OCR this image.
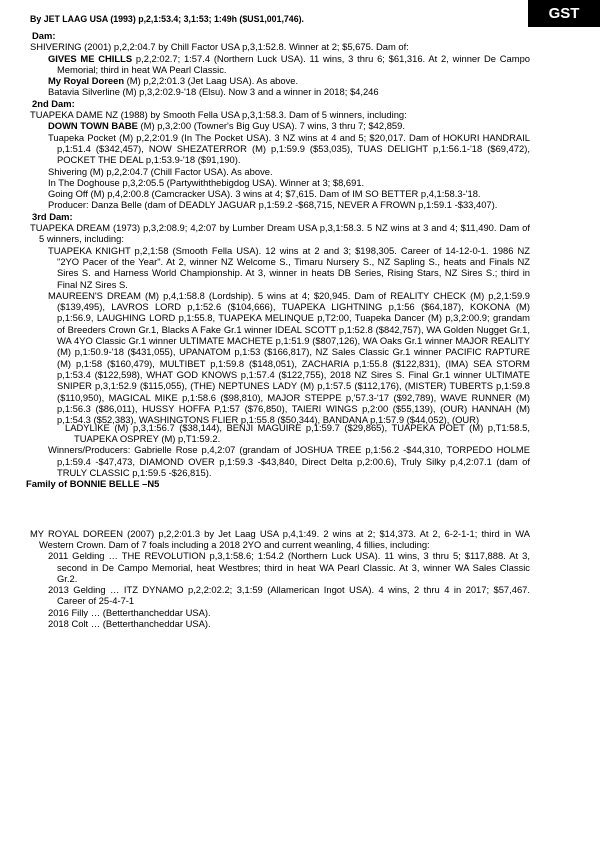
GST
By JET LAAG USA (1993) p,2,1:53.4; 3,1:53; 1:49h ($US1,001,746).
Dam:
SHIVERING (2001) p,2,2:04.7 by Chill Factor USA p,3,1:52.8. Winner at 2; $5,675. Dam of:
GIVES ME CHILLS p,2,2:02.7; 1:57.4 (Northern Luck USA). 11 wins, 3 thru 6; $61,316. At 2, winner De Campo Memorial; third in heat WA Pearl Classic.
My Royal Doreen (M) p,2,2:01.3 (Jet Laag USA). As above.
Batavia Silverline (M) p,3,2:02.9-'18 (Elsu). Now 3 and a winner in 2018; $4,246
2nd Dam:
TUAPEKA DAME NZ (1988) by Smooth Fella USA p,3,1:58.3. Dam of 5 winners, including:
DOWN TOWN BABE (M) p,3,2:00 (Towner's Big Guy USA). 7 wins, 3 thru 7; $42,859.
Tuapeka Pocket (M) p,2,2:01.9 (In The Pocket USA). 3 NZ wins at 4 and 5; $20,017. Dam of HOKURI HANDRAIL p,1:51.4 ($342,457), NOW SHEZATERROR (M) p,1:59.9 ($53,035), TUAS DELIGHT p,1:56.1-'18 ($69,472), POCKET THE DEAL p,1:53.9-'18 ($91,190).
Shivering (M) p,2,2:04.7 (Chill Factor USA). As above.
In The Doghouse p,3,2:05.5 (Partywiththebigdog USA). Winner at 3; $8,691.
Going Off (M) p,4,2:00.8 (Camcracker USA). 3 wins at 4; $7,615. Dam of IM SO BETTER p,4,1:58.3-'18.
Producer: Danza Belle (dam of DEADLY JAGUAR p,1:59.2 -$68,715, NEVER A FROWN p,1:59.1 -$33,407).
3rd Dam:
TUAPEKA DREAM (1973) p,3,2:08.9; 4,2:07 by Lumber Dream USA p,3,1:58.3. 5 NZ wins at 3 and 4; $11,490. Dam of 5 winners, including:
TUAPEKA KNIGHT p,2,1:58 (Smooth Fella USA). 12 wins at 2 and 3; $198,305. Career of 14-12-0-1. 1986 NZ "2YO Pacer of the Year". At 2, winner NZ Welcome S., Timaru Nursery S., NZ Sapling S., heats and Finals NZ Sires S. and Harness World Championship. At 3, winner in heats DB Series, Rising Stars, NZ Sires S.; third in Final NZ Sires S.
MAUREEN'S DREAM (M) p,4,1:58.8 (Lordship). 5 wins at 4; $20,945. Dam of REALITY CHECK (M) p,2,1:59.9 ($139,495), LAVROS LORD p,1:52.6 ($104,666), TUAPEKA LIGHTNING p,1:56 ($64,187), KOKONA (M) p,1:56.9, LAUGHING LORD p,1:55.8, TUAPEKA MELINQUE p,T2:00, Tuapeka Dancer (M) p,3,2:00.9; grandam of Breeders Crown Gr.1, Blacks A Fake Gr.1 winner IDEAL SCOTT p,1:52.8 ($842,757), WA Golden Nugget Gr.1, WA 4YO Classic Gr.1 winner ULTIMATE MACHETE p,1:51.9 ($807,126), WA Oaks Gr.1 winner MAJOR REALITY (M) p,1:50.9-'18 ($431,055), UPANATOM p,1:53 ($166,817), NZ Sales Classic Gr.1 winner PACIFIC RAPTURE (M) p,1:58 ($160,479), MULTIBET p,1:59.8 ($148,051), ZACHARIA p,1:55.8 ($122,831), (IMA) SEA STORM p,1:53.4 ($122,598), WHAT GOD KNOWS p,1:57.4 ($122,755), 2018 NZ Sires S. Final Gr.1 winner ULTIMATE SNIPER p,3,1:52.9 ($115,055), (THE) NEPTUNES LADY (M) p,1:57.5 ($112,176), (MISTER) TUBERTS p,1:59.8 ($110,950), MAGICAL MIKE p,1:58.6 ($98,810), MAJOR STEPPE p,'57.3-'17 ($92,789), WAVE RUNNER (M) p,1:56.3 ($86,011), HUSSY HOFFA P,1:57 ($76,850), TAIERI WINGS p,2:00 ($55,139), (OUR) HANNAH (M) p,1:54.3 ($52,383), WASHINGTONS FLIER p,1:55.8 ($50,344), BANDANA p,1:57.9 ($44,052), (OUR)
LADYLIKE (M) p,3,1:56.7 ($38,144), BENJI MAGUIRE p,1:59.7 ($29,865), TUAPEKA POET (M) p,T1:58.5, TUAPEKA OSPREY (M) p,T1:59.2.
Winners/Producers: Gabrielle Rose p,4,2:07 (grandam of JOSHUA TREE p,1:56.2 -$44,310, TORPEDO HOLME p,1:59.4 -$47,473, DIAMOND OVER p,1:59.3 -$43,840, Direct Delta p,2:00.6), Truly Silky p,4,2:07.1 (dam of TRULY CLASSIC p,1:59.5 -$26,815).
Family of BONNIE BELLE –N5
MY ROYAL DOREEN (2007) p,2,2:01.3 by Jet Laag USA p,4,1:49. 2 wins at 2; $14,373. At 2, 6-2-1-1; third in WA Western Crown. Dam of 7 foals including a 2018 2YO and current weanling, 4 fillies, including:
2011 Gelding … THE REVOLUTION p,3,1:58.6; 1:54.2 (Northern Luck USA). 11 wins, 3 thru 5; $117,888. At 3, second in De Campo Memorial, heat Westbres; third in heat WA Pearl Classic. At 3, winner WA Sales Classic Gr.2.
2013 Gelding … ITZ DYNAMO p,2,2:02.2; 3,1:59 (Allamerican Ingot USA). 4 wins, 2 thru 4 in 2017; $57,467. Career of 25-4-7-1
2016 Filly … (Betterthancheddar USA).
2018 Colt … (Betterthancheddar USA).
